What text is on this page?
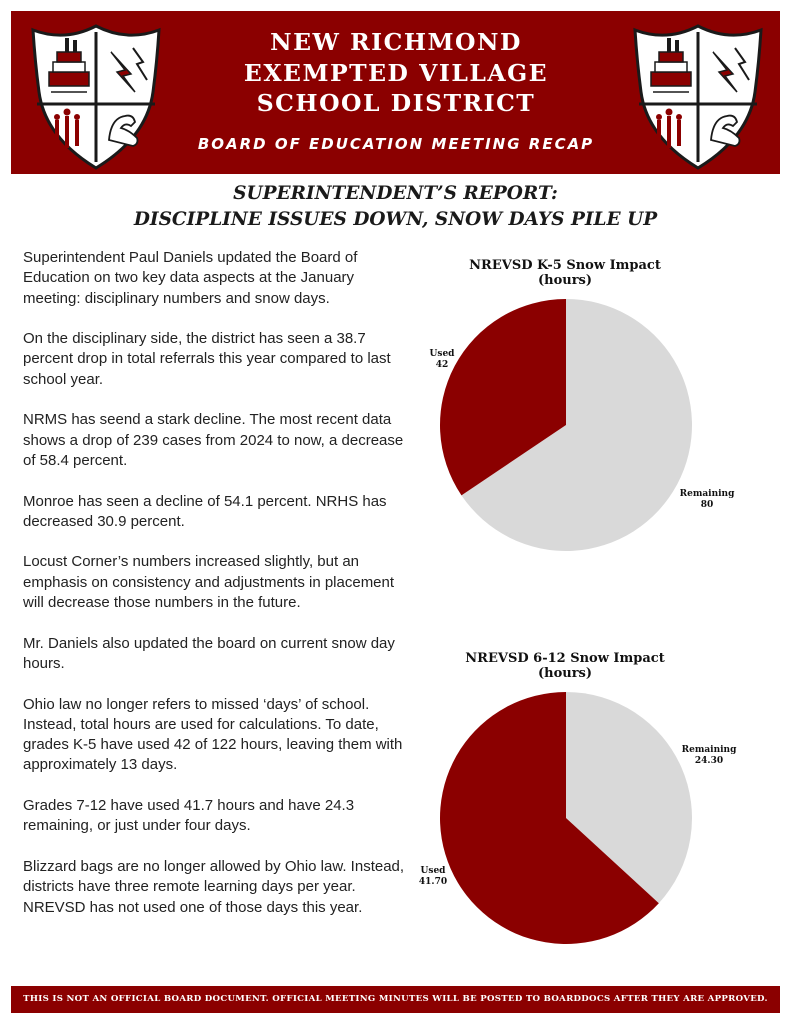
NEW RICHMOND
EXEMPTED VILLAGE
SCHOOL DISTRICT
BOARD OF EDUCATION MEETING RECAP
SUPERINTENDENT’S REPORT:
DISCIPLINE ISSUES DOWN, SNOW DAYS PILE UP

Superintendent Paul Daniels updated the Board of Education on two key data aspects at the January meeting: disciplinary numbers and snow days.

On the disciplinary side, the district has seen a 38.7 percent drop in total referrals this year compared to last school year.

NRMS has seend a stark decline. The most recent data shows a drop of 239 cases from 2024 to now, a decrease of 58.4 percent.

Monroe has seen a decline of 54.1 percent. NRHS has decreased 30.9 percent.

Locust Corner’s numbers increased slightly, but an emphasis on consistency and adjustments in placement will decrease those numbers in the future.

Mr. Daniels also updated the board on current snow day hours.

Ohio law no longer refers to missed ‘days’ of school. Instead, total hours are used for calculations. To date, grades K-5 have used 42 of 122 hours, leaving them with approximately 13 days.

Grades 7-12 have used 41.7 hours and have 24.3 remaining, or just under four days.

Blizzard bags are no longer allowed by Ohio law. Instead, districts have three remote learning days per year. NREVSD has not used one of those days this year.

NREVSD K-5 Snow Impact
(hours)
Remaining
80
Used
42
NREVSD 6-12 Snow Impact
(hours)
Remaining
24.30
Used
41.70
THIS IS NOT AN OFFICIAL BOARD DOCUMENT. OFFICIAL MEETING MINUTES WILL BE POSTED TO BOARDDOCS AFTER THEY ARE APPROVED.
